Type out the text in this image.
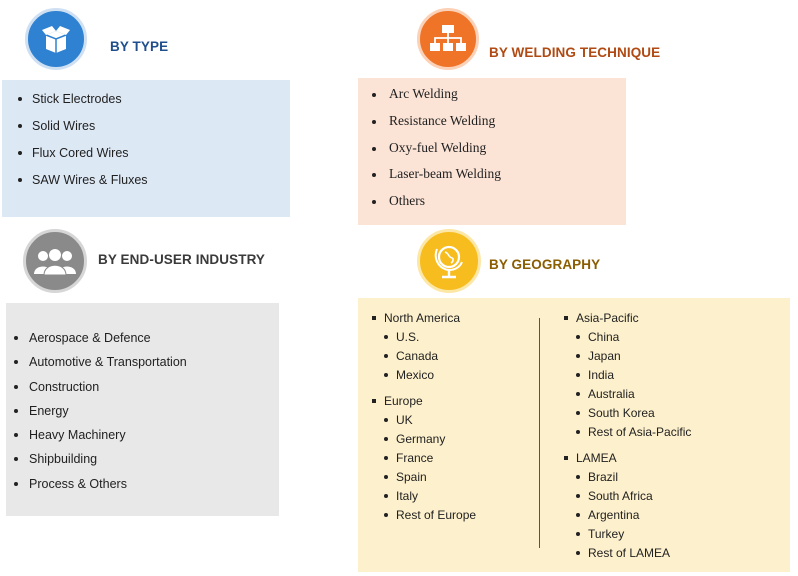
BY TYPE
Stick Electrodes
Solid Wires
Flux Cored Wires
SAW Wires & Fluxes
BY WELDING TECHNIQUE
Arc Welding
Resistance Welding
Oxy-fuel Welding
Laser-beam Welding
Others
BY END-USER INDUSTRY
Aerospace & Defence
Automotive & Transportation
Construction
Energy
Heavy Machinery
Shipbuilding
Process & Others
BY GEOGRAPHY
North America
U.S.
Canada
Mexico
Europe
UK
Germany
France
Spain
Italy
Rest of Europe
Asia-Pacific
China
Japan
India
Australia
South Korea
Rest of Asia-Pacific
LAMEA
Brazil
South Africa
Argentina
Turkey
Rest of LAMEA
